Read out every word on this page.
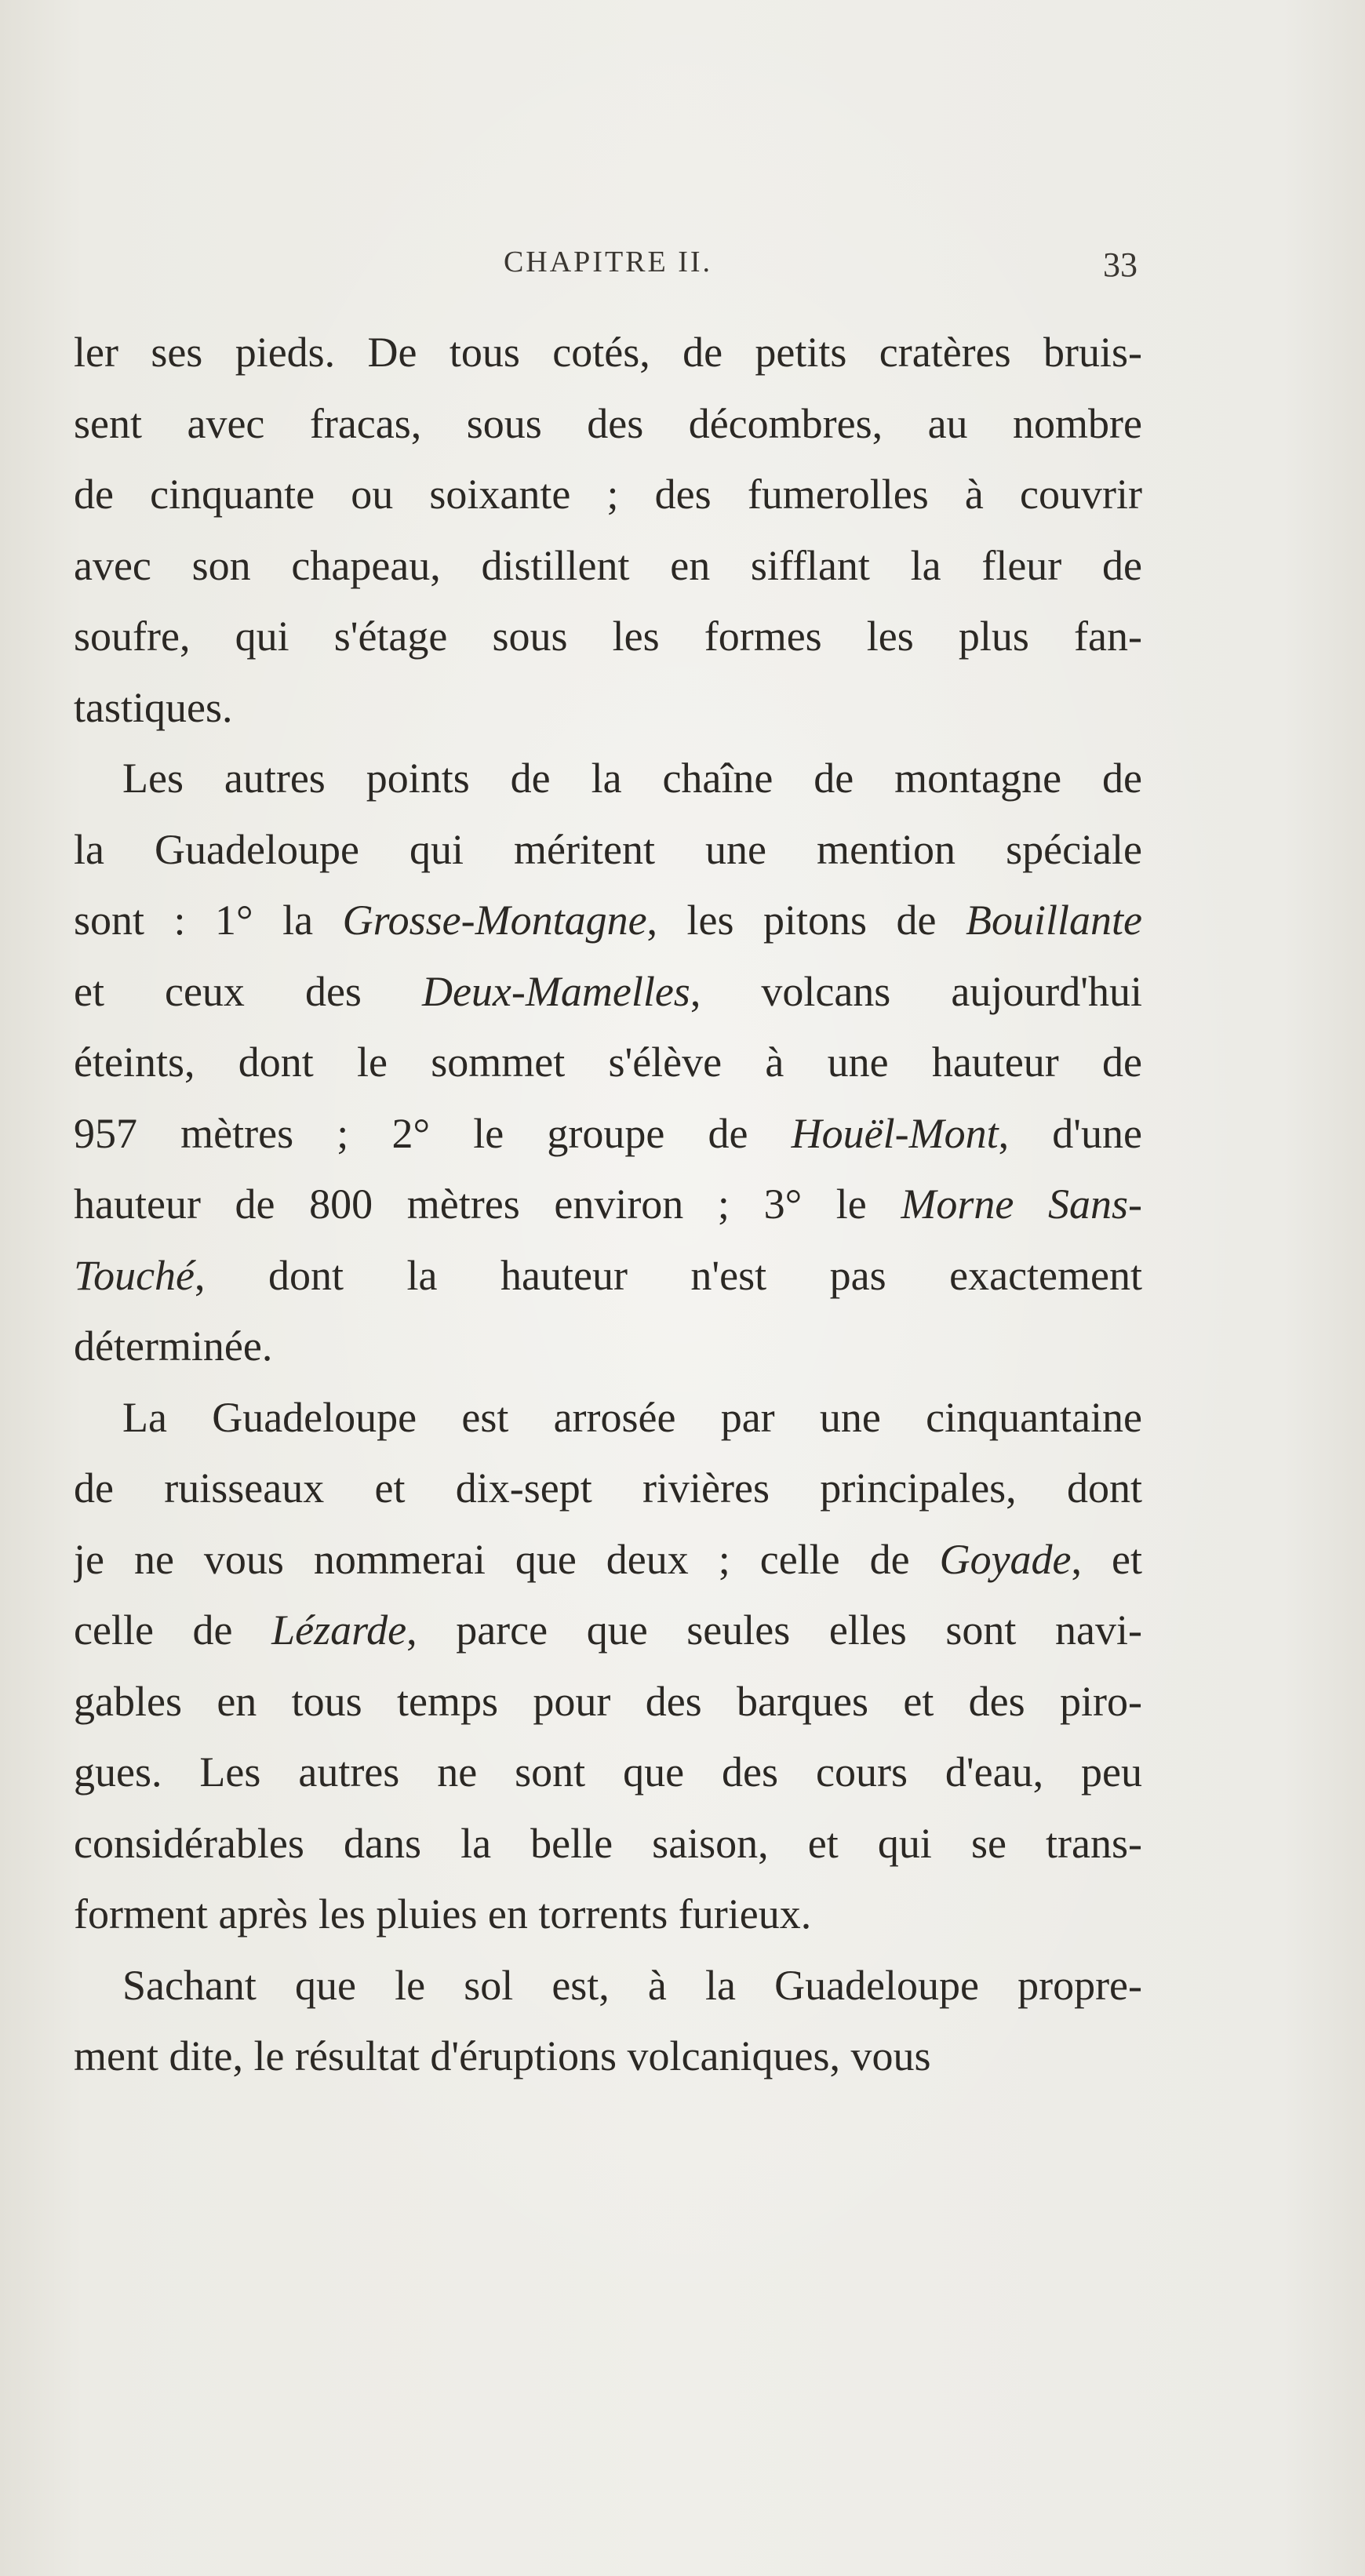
CHAPITRE II.	33
ler ses pieds. De tous cotés, de petits cratères bruis-
sent avec fracas, sous des décombres, au nombre
de cinquante ou soixante ; des fumerolles à couvrir
avec son chapeau, distillent en sifflant la fleur de
soufre, qui s'étage sous les formes les plus fan-
tastiques.
Les autres points de la chaîne de montagne de
la Guadeloupe qui méritent une mention spéciale
sont : 1° la Grosse-Montagne, les pitons de Bouillante
et ceux des Deux-Mamelles, volcans aujourd'hui
éteints, dont le sommet s'élève à une hauteur de
957 mètres ; 2° le groupe de Houël-Mont, d'une
hauteur de 800 mètres environ ; 3° le Morne Sans-
Touché, dont la hauteur n'est pas exactement
déterminée.
La Guadeloupe est arrosée par une cinquantaine
de ruisseaux et dix-sept rivières principales, dont
je ne vous nommerai que deux ; celle de Goyade, et
celle de Lézarde, parce que seules elles sont navi-
gables en tous temps pour des barques et des piro-
gues. Les autres ne sont que des cours d'eau, peu
considérables dans la belle saison, et qui se trans-
forment après les pluies en torrents furieux.
Sachant que le sol est, à la Guadeloupe propre-
ment dite, le résultat d'éruptions volcaniques, vous
